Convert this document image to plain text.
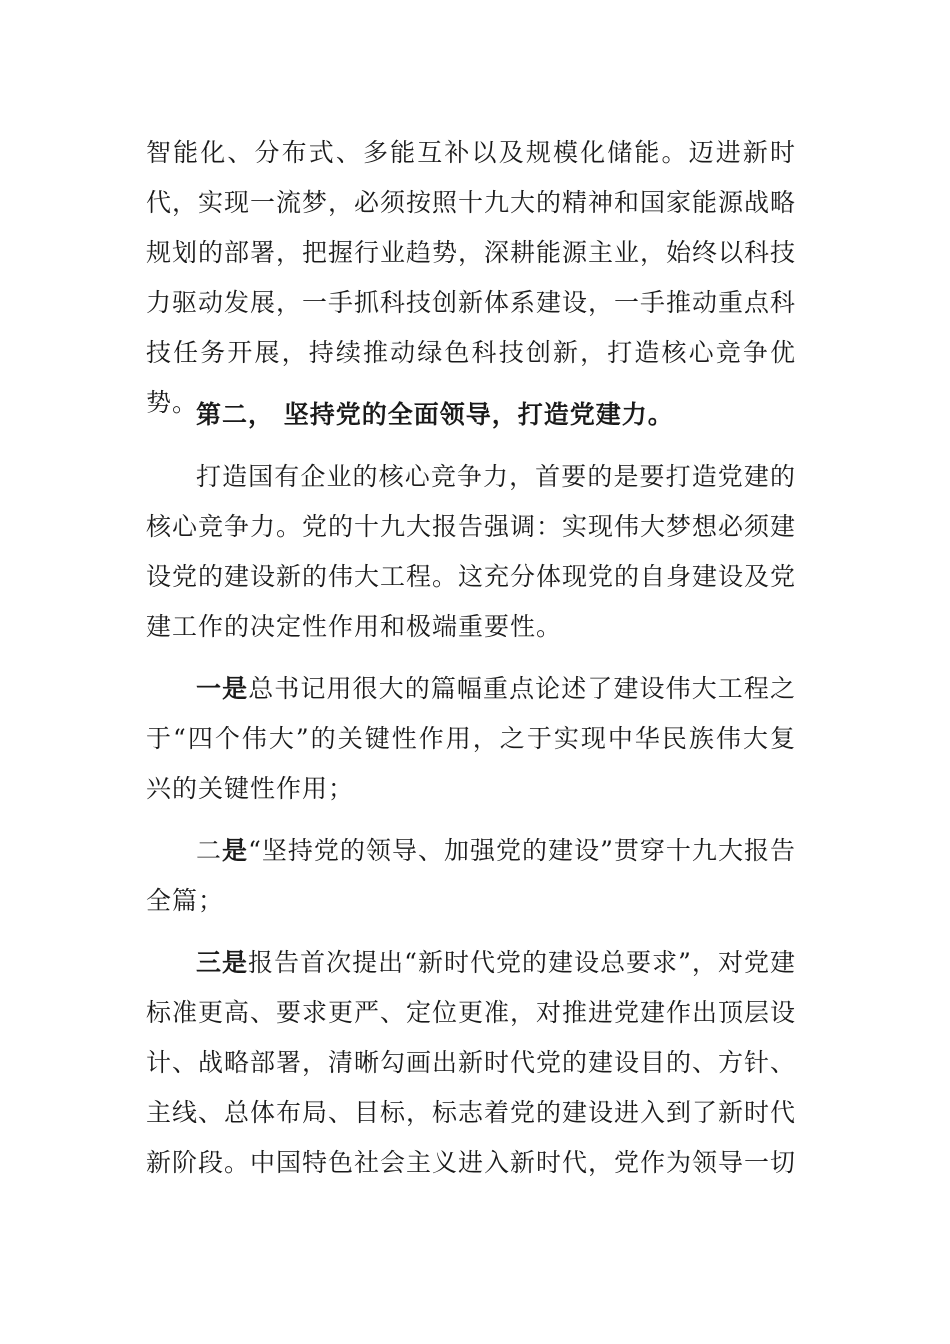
智能化、分布式、多能互补以及规模化储能。迈进新时代，实现一流梦，必须按照十九大的精神和国家能源战略规划的部署，把握行业趋势，深耕能源主业，始终以科技力驱动发展，一手抓科技创新体系建设，一手推动重点科技任务开展，持续推动绿色科技创新，打造核心竞争优势。

第二， 坚持党的全面领导，打造党建力。

打造国有企业的核心竞争力，首要的是要打造党建的核心竞争力。党的十九大报告强调：实现伟大梦想必须建设党的建设新的伟大工程。这充分体现党的自身建设及党建工作的决定性作用和极端重要性。

一是总书记用很大的篇幅重点论述了建设伟大工程之于“四个伟大”的关键性作用，之于实现中华民族伟大复兴的关键性作用；

二是“坚持党的领导、加强党的建设”贯穿十九大报告全篇；

三是报告首次提出“新时代党的建设总要求”，对党建标准更高、要求更严、定位更准，对推进党建作出顶层设计、战略部署，清晰勾画出新时代党的建设目的、方针、主线、总体布局、目标，标志着党的建设进入到了新时代新阶段。中国特色社会主义进入新时代，党作为领导一切
